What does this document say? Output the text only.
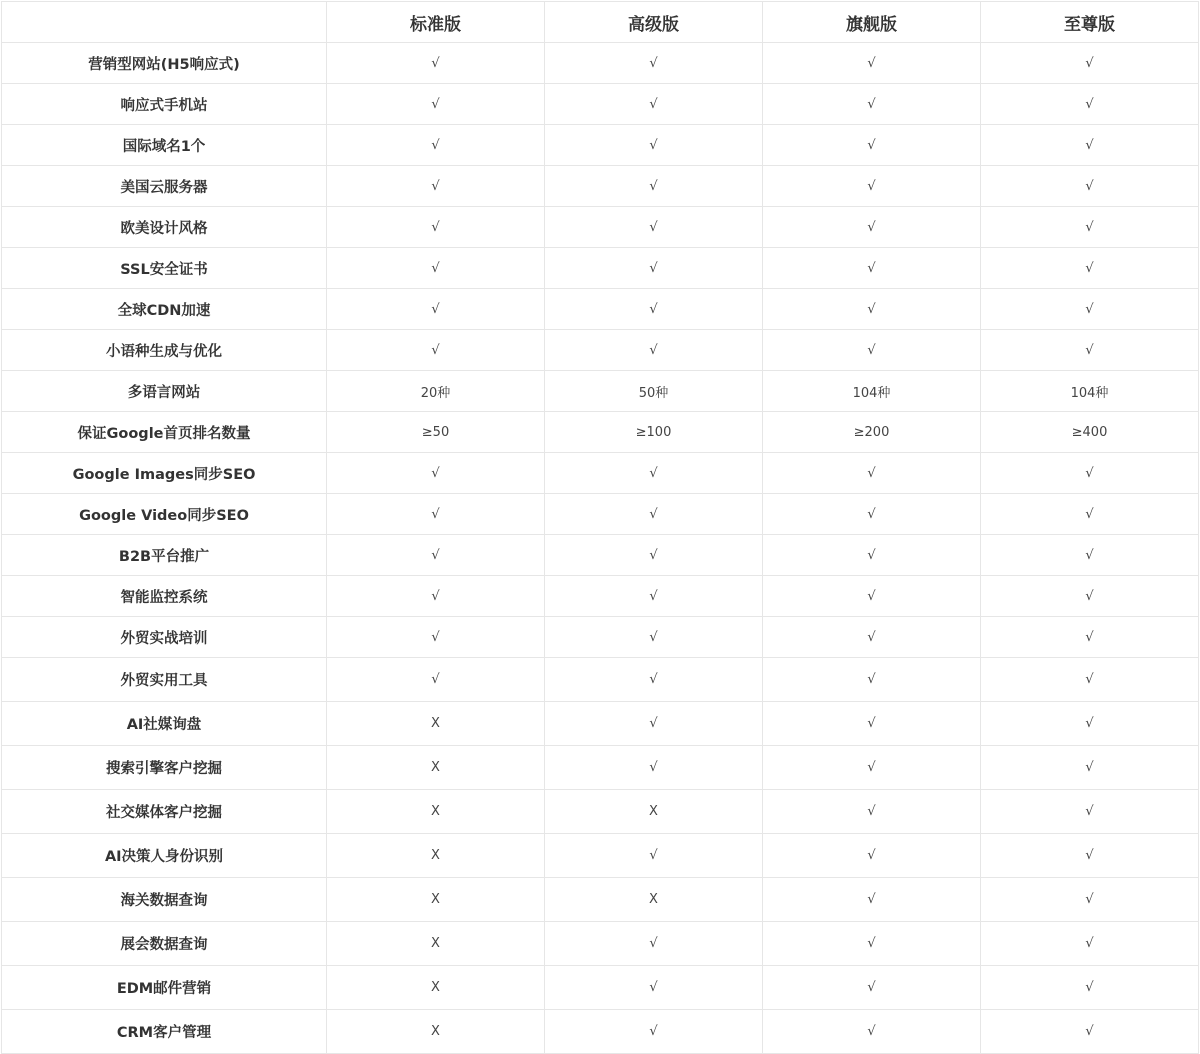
	标准版	高级版	旗舰版	至尊版
营销型网站(H5响应式)	√	√	√	√
响应式手机站	√	√	√	√
国际域名1个	√	√	√	√
美国云服务器	√	√	√	√
欧美设计风格	√	√	√	√
SSL安全证书	√	√	√	√
全球CDN加速	√	√	√	√
小语种生成与优化	√	√	√	√
多语言网站	20种	50种	104种	104种
保证Google首页排名数量	≥50	≥100	≥200	≥400
Google Images同步SEO	√	√	√	√
Google Video同步SEO	√	√	√	√
B2B平台推广	√	√	√	√
智能监控系统	√	√	√	√
外贸实战培训	√	√	√	√
外贸实用工具	√	√	√	√
AI社媒询盘	X	√	√	√
搜索引擎客户挖掘	X	√	√	√
社交媒体客户挖掘	X	X	√	√
AI决策人身份识别	X	√	√	√
海关数据查询	X	X	√	√
展会数据查询	X	√	√	√
EDM邮件营销	X	√	√	√
CRM客户管理	X	√	√	√
